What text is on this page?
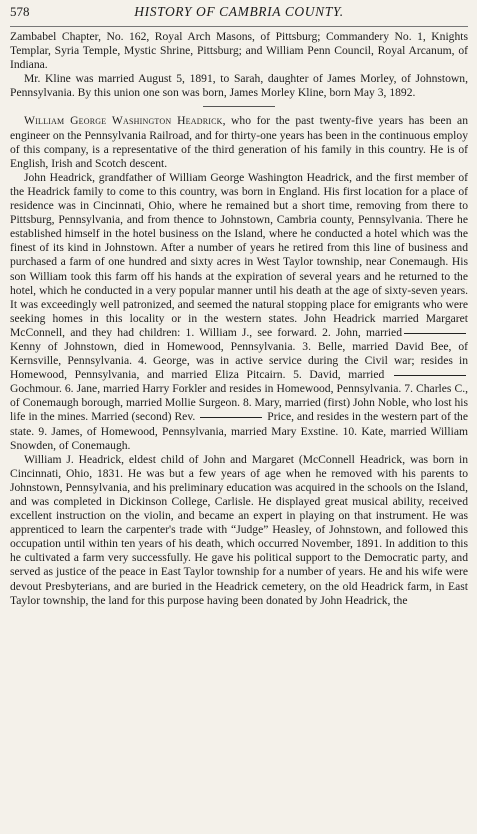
578	HISTORY OF CAMBRIA COUNTY.

Zambabel Chapter, No. 162, Royal Arch Masons, of Pittsburg; Commandery No. 1, Knights Templar, Syria Temple, Mystic Shrine, Pittsburg; and William Penn Council, Royal Arcanum, of Indiana.

Mr. Kline was married August 5, 1891, to Sarah, daughter of James Morley, of Johnstown, Pennsylvania. By this union one son was born, James Morley Kline, born May 3, 1892.

William George Washington Headrick, who for the past twenty-five years has been an engineer on the Pennsylvania Railroad, and for thirty-one years has been in the continuous employ of this company, is a representative of the third generation of his family in this country. He is of English, Irish and Scotch descent.

John Headrick, grandfather of William George Washington Headrick, and the first member of the Headrick family to come to this country, was born in England. His first location for a place of residence was in Cincinnati, Ohio, where he remained but a short time, removing from there to Pittsburg, Pennsylvania, and from thence to Johnstown, Cambria county, Pennsylvania. There he established himself in the hotel business on the Island, where he conducted a hotel which was the finest of its kind in Johnstown. After a number of years he retired from this line of business and purchased a farm of one hundred and sixty acres in West Taylor township, near Conemaugh. His son William took this farm off his hands at the expiration of several years and he returned to the hotel, which he conducted in a very popular manner until his death at the age of sixty-seven years. It was exceedingly well patronized, and seemed the natural stopping place for emigrants who were seeking homes in this locality or in the western states. John Headrick married Margaret McConnell, and they had children: 1. William J., see forward. 2. John, marriedKenny of Johnstown, died in Homewood, Pennsylvania. 3. Belle, married David Bee, of Kernsville, Pennsylvania. 4. George, was in active service during the Civil war; resides in Homewood, Pennsylvania, and married Eliza Pitcairn. 5. David, married  Gochmour. 6. Jane, married Harry Forkler and resides in Homewood, Pennsylvania. 7. Charles C., of Conemaugh borough, married Mollie Surgeon. 8. Mary, married (first) John Noble, who lost his life in the mines. Married (second) Rev.	Price, and resides in the western part of the state. 9. James, of Homewood, Pennsylvania, married Mary Exstine. 10. Kate, married William Snowden, of Conemaugh.

William J. Headrick, eldest child of John and Margaret (McConnell Headrick, was born in Cincinnati, Ohio, 1831. He was but a few years of age when he removed with his parents to Johnstown, Pennsylvania, and his preliminary education was acquired in the schools on the Island, and was completed in Dickinson College, Carlisle. He displayed great musical ability, received excellent instruction on the violin, and became an expert in playing on that instrument. He was apprenticed to learn the carpenter's trade with “Judge” Heasley, of Johnstown, and followed this occupation until within ten years of his death, which occurred November, 1891. In addition to this he cultivated a farm very successfully. He gave his political support to the Democratic party, and served as justice of the peace in East Taylor township for a number of years. He and his wife were devout Presbyterians, and are buried in the Headrick cemetery, on the old Headrick farm, in East Taylor township, the land for this purpose having been donated by John Headrick, the
